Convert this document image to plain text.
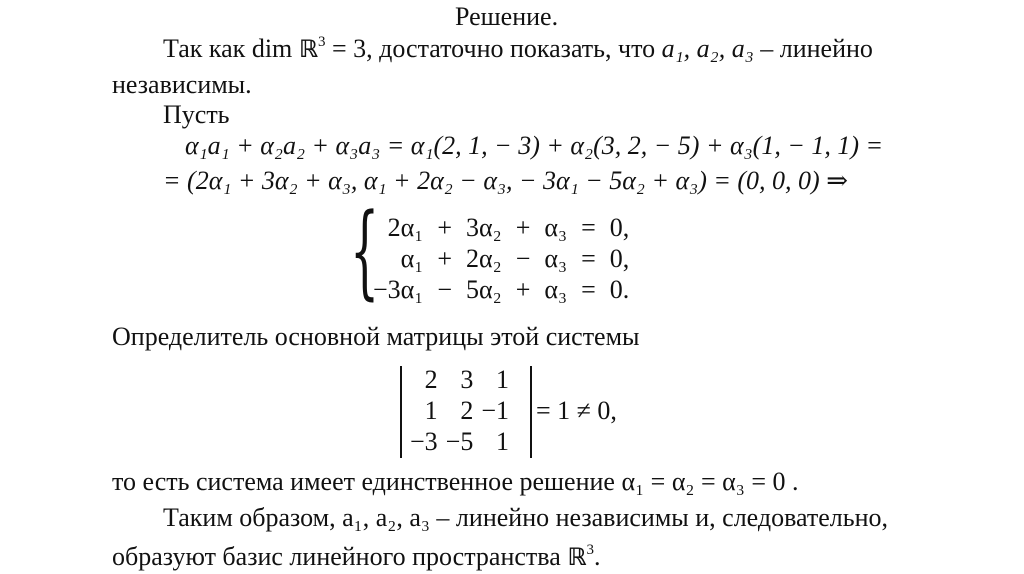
Решение.
Так как dim ℝ$^3$ = 3, достаточно показать, что a₁, a₂, a₃ – линейно
независимы.
Пусть
α₁a₁ + α₂a₂ + α₃a₃ = α₁(2, 1, − 3) + α₂(3, 2, − 5) + α₃(1, − 1, 1) =
= (2α₁ + 3α₂ + α₃, α₁ + 2α₂ − α₃, − 3α₁ − 5α₂ + α₃) = (0, 0, 0) ⇒
{ 2α₁	+	3α₂	+	α₃	=	0,
α₁	+	2α₂	−	α₃	=	0,
−3α₁	−	5α₂	+	α₃	=	0.
Определитель основной матрицы этой системы
2	3	1
1	2	−1
−3	−5	1
= 1 ≠ 0,
то есть система имеет единственное решение α₁ = α₂ = α₃ = 0 .
Таким образом, a₁, a₂, a₃ – линейно независимы и, следовательно,
образуют базис линейного пространства ℝ$^3$.
